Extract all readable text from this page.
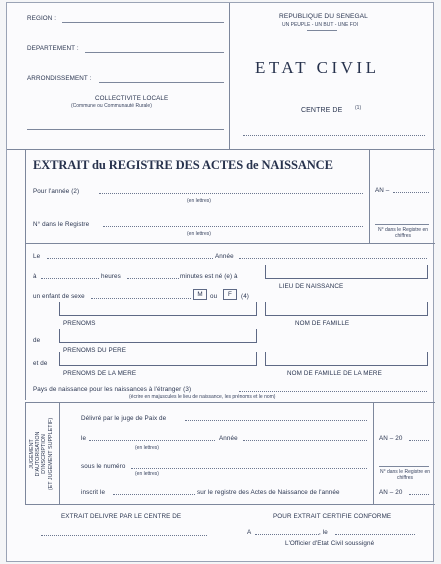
REGION :
DEPARTEMENT :
ARRONDISSEMENT :
COLLECTIVITE LOCALE
(Commune ou Communauté Rurale)
REPUBLIQUE DU SENEGAL
UN PEUPLE - UN BUT - UNE FOI
ETAT CIVIL
CENTRE DE	(1)
EXTRAIT du REGISTRE DES ACTES de NAISSANCE
Pour l'année (2)
(en lettres)
AN –
N° dans le Registre
(en lettres)
N° dans le Registre en chiffres
Le	Année
à	heures	minutes est né (e) à
LIEU DE NAISSANCE
un enfant de sexe	M	ou	F	(4)
PRENOMS	NOM DE FAMILLE
de
PRENOMS DU PERE
et de
PRENOMS DE LA MERE	NOM DE FAMILLE DE LA MERE
Pays de naissance pour les naissances à l'étranger (3)
(écrire en majuscules le lieu de naissance, les prénoms et le nom)
JUGEMENT D'AUTORISATION D'INSCRIPTION (ET JUGEMENT SUPPLETIF)	Délivré par le juge de Paix de
le	Année	AN – 20
(en lettres)
sous le numéro
(en lettres)	N° dans le Registre en chiffres
inscrit le	sur le registre des Actes de Naissance de l'année	AN – 20
EXTRAIT DELIVRE PAR LE CENTRE DE	POUR EXTRAIT CERTIFIE CONFORME
A	, le
L'Officier d'Etat Civil soussigné
